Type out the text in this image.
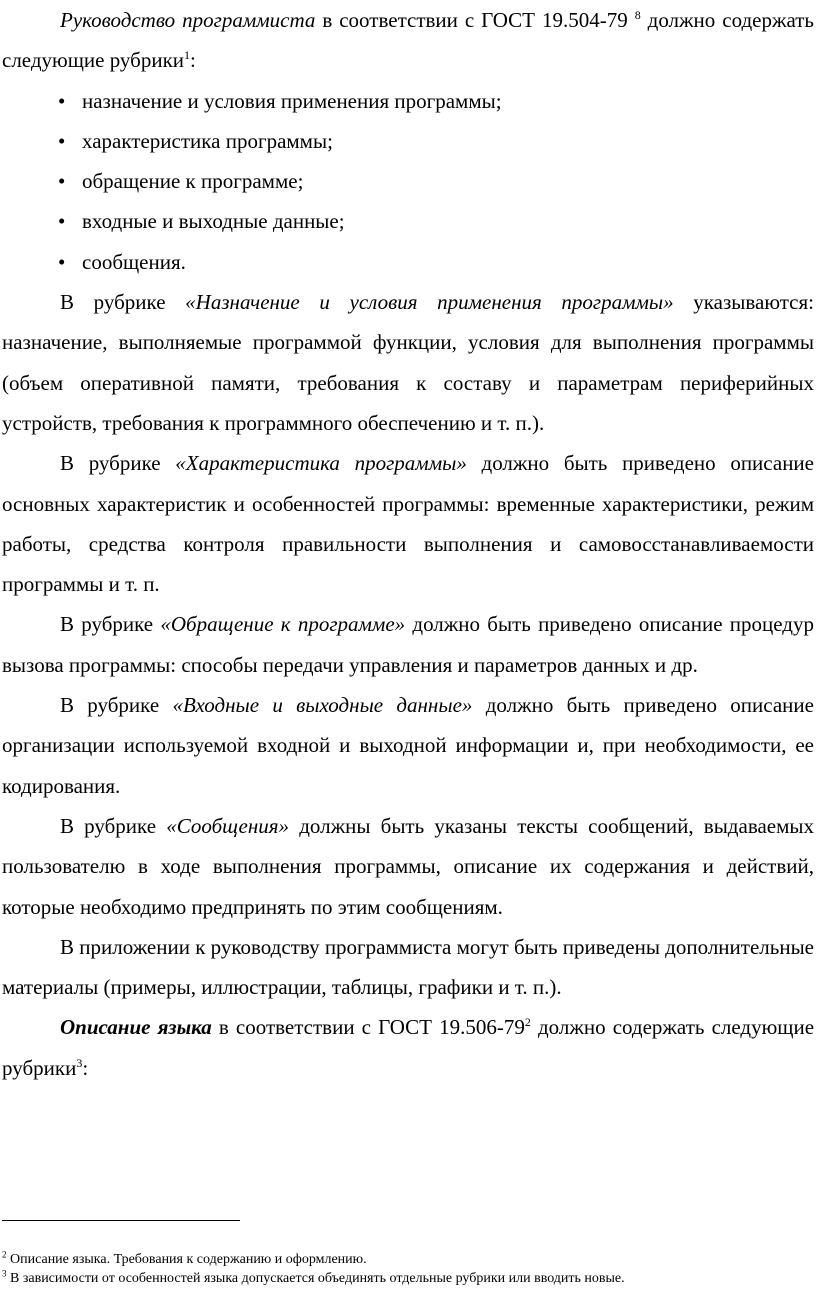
Руководство программиста в соответствии с ГОСТ 19.504-79 $^8$ должно содержать следующие рубрики$^1$:

• назначение и условия применения программы;
• характеристика программы;
• обращение к программе;
• входные и выходные данные;
• сообщения.

В рубрике «Назначение и условия применения программы» указываются: назначение, выполняемые программой функции, условия для выполнения программы (объем оперативной памяти, требования к составу и параметрам периферийных устройств, требования к программного обеспечению и т. п.).

В рубрике «Характеристика программы» должно быть приведено описание основных характеристик и особенностей программы: временные характеристики, режим работы, средства контроля правильности выполнения и самовосстанавливаемости программы и т. п.

В рубрике «Обращение к программе» должно быть приведено описание процедур вызова программы: способы передачи управления и параметров данных и др.

В рубрике «Входные и выходные данные» должно быть приведено описание организации используемой входной и выходной информации и, при необходимости, ее кодирования.

В рубрике «Сообщения» должны быть указаны тексты сообщений, выдаваемых пользователю в ходе выполнения программы, описание их содержания и действий, которые необходимо предпринять по этим сообщениям.

В приложении к руководству программиста могут быть приведены дополнительные материалы (примеры, иллюстрации, таблицы, графики и т. п.).

Описание языка в соответствии с ГОСТ $19.506-79^2$ должно содержать следующие рубрики$^3$:

$^2$ Описание языка. Требования к содержанию и оформлению.

$^3$ В зависимости от особенностей языка допускается объединять отдельные рубрики или вводить новые.
